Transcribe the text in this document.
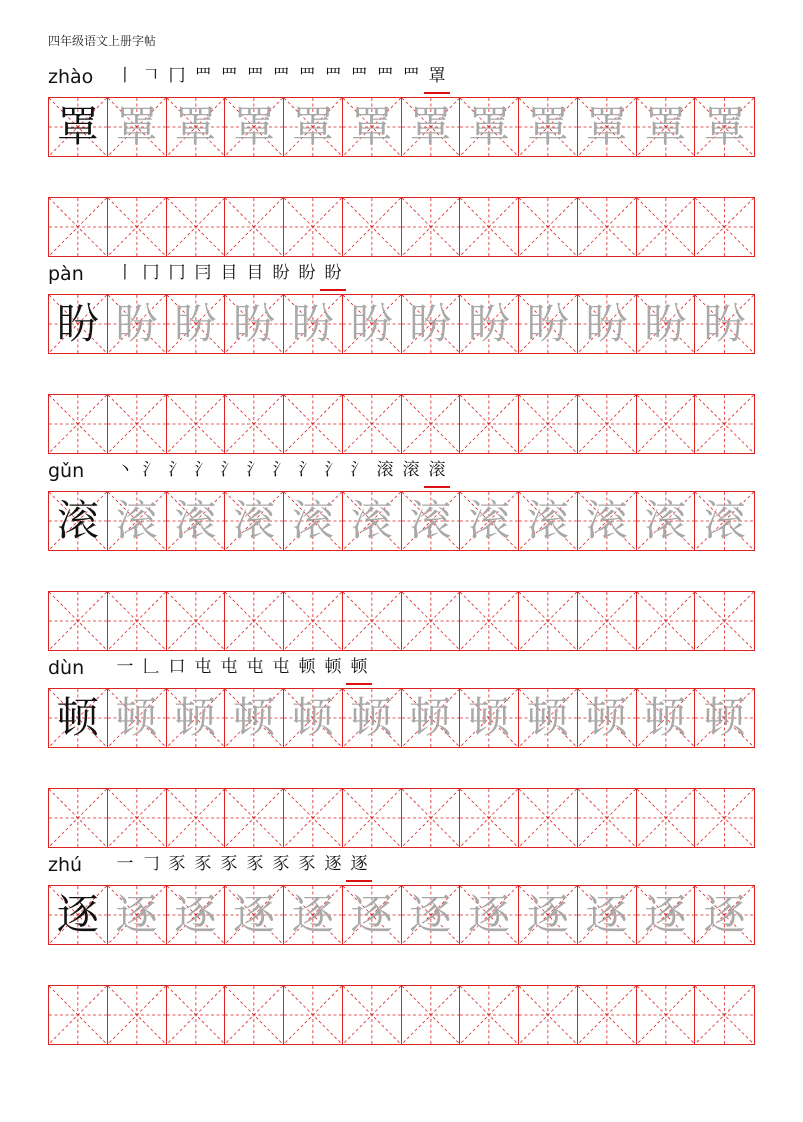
四年级语文上册字帖
zhào 丨 𠃍 冂 罒 罒 罒 罒 罒 罒 罒 罒 罒 罩
罩 罩 罩 罩 罩 罩 罩 罩 罩 罩 罩 罩
pàn 丨 冂 冂 冃 目 目 盼 盼 盼
盼 盼 盼 盼 盼 盼 盼 盼 盼 盼 盼 盼
gǔn 丶 氵 氵 氵 氵 氵 氵 氵 氵 氵 滚 滚 滚
滚 滚 滚 滚 滚 滚 滚 滚 滚 滚 滚 滚
dùn 一 𠃊 口 屯 屯 屯 屯 顿 顿 顿
顿 顿 顿 顿 顿 顿 顿 顿 顿 顿 顿 顿
zhú 一 𠃌 豕 豕 豕 豕 豕 豕 逐 逐
逐 逐 逐 逐 逐 逐 逐 逐 逐 逐 逐 逐
